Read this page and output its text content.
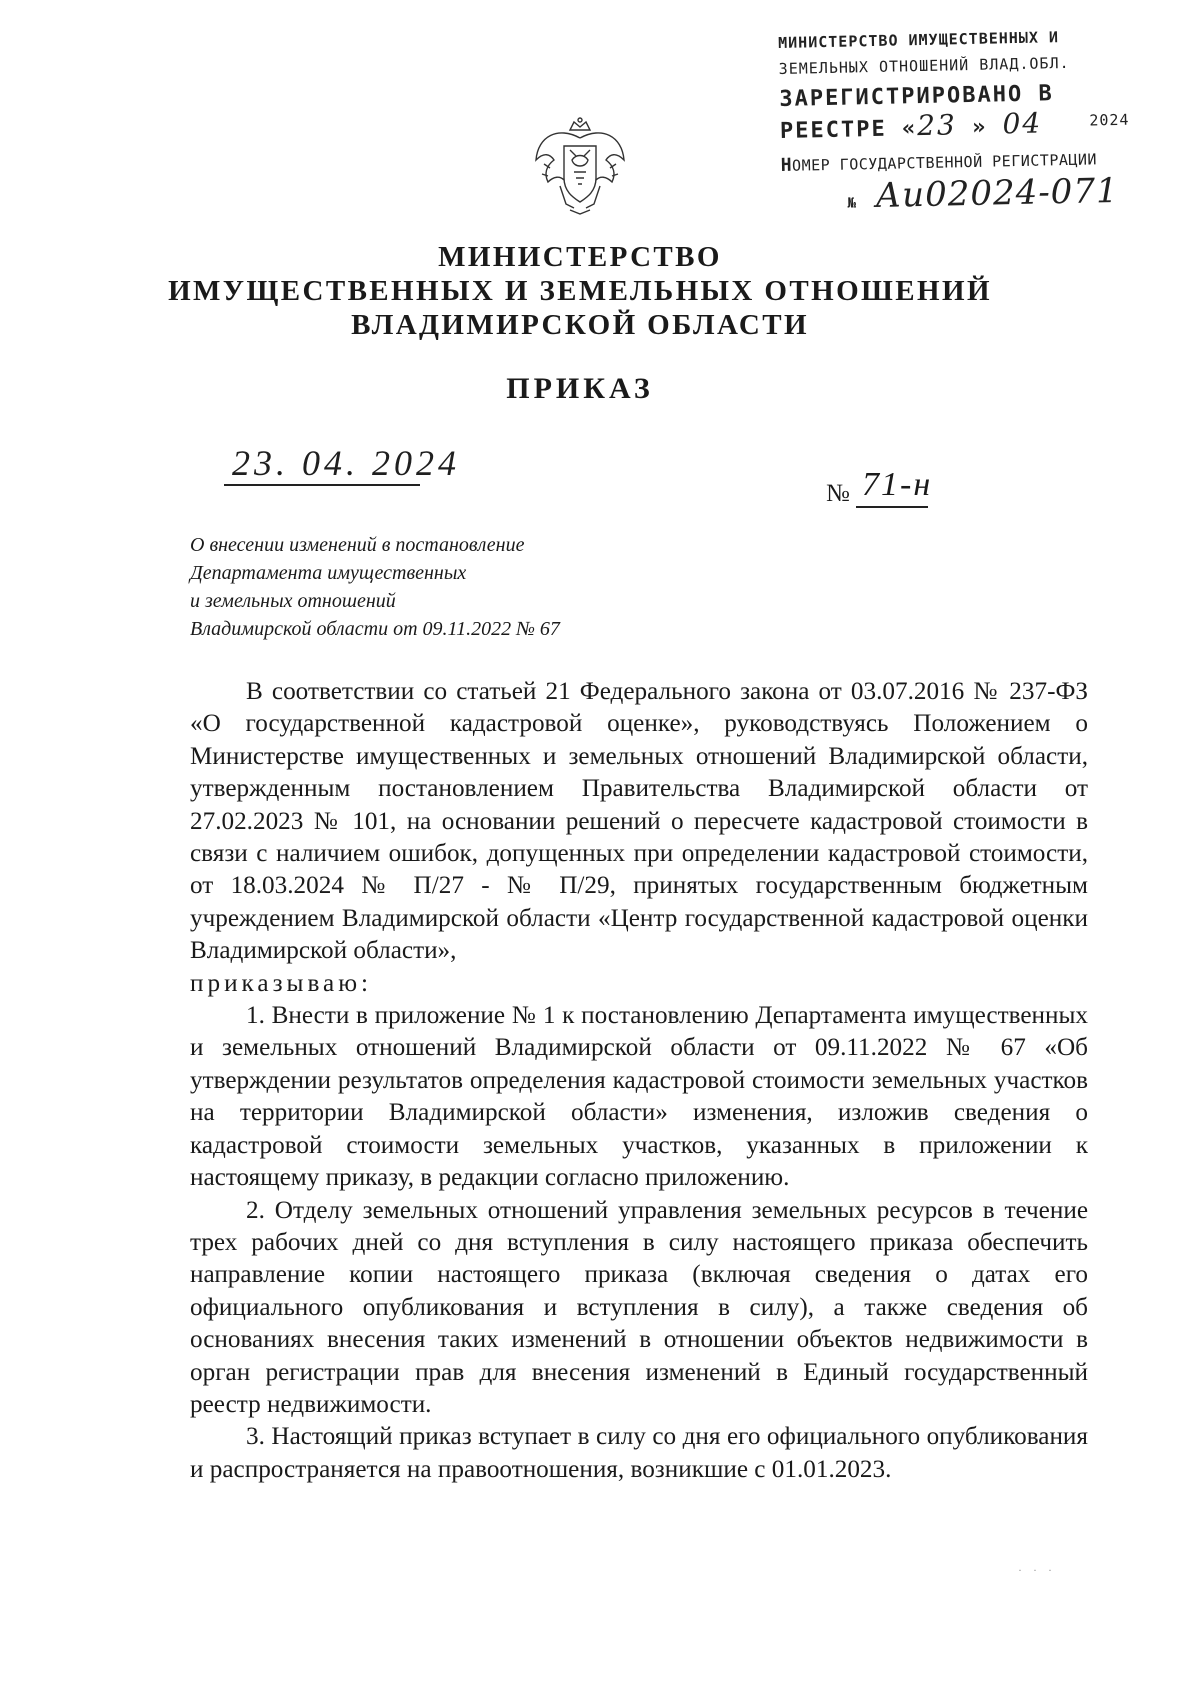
МИНИСТЕРСТВО ИМУЩЕСТВЕННЫХ И
ЗЕМЕЛЬНЫХ ОТНОШЕНИЙ ВЛАД.ОБЛ.
ЗАРЕГИСТРИРОВАНО В
РЕЕСТРЕ «23 » 04	$^{2024}$
НОМЕР ГОСУДАРСТВЕННОЙ РЕГИСТРАЦИИ
№ Аи02024-071

МИНИСТЕРСТВО

ИМУЩЕСТВЕННЫХ И ЗЕМЕЛЬНЫХ ОТНОШЕНИЙ

ВЛАДИМИРСКОЙ ОБЛАСТИ

ПРИКАЗ

23. 04. 2024
№ 71-н
О внесении изменений в постановление
Департамента имущественных
и земельных отношений
Владимирской области от 09.11.2022 № 67

В соответствии со статьей 21 Федерального закона от 03.07.2016 № 237-ФЗ «О государственной кадастровой оценке», руководствуясь Положением о Министерстве имущественных и земельных отношений Владимирской области, утвержденным постановлением Правительства Владимирской области от 27.02.2023 № 101, на основании решений о пересчете кадастровой стоимости в связи с наличием ошибок, допущенных при определении кадастровой стоимости, от 18.03.2024 № П/27 - № П/29, принятых государственным бюджетным учреждением Владимирской области «Центр государственной кадастровой оценки Владимирской области»,

приказываю:

1. Внести в приложение № 1 к постановлению Департамента имущественных и земельных отношений Владимирской области от 09.11.2022 № 67 «Об утверждении результатов определения кадастровой стоимости земельных участков на территории Владимирской области» изменения, изложив сведения о кадастровой стоимости земельных участков, указанных в приложении к настоящему приказу, в редакции согласно приложению.

2. Отделу земельных отношений управления земельных ресурсов в течение трех рабочих дней со дня вступления в силу настоящего приказа обеспечить направление копии настоящего приказа (включая сведения о датах его официального опубликования и вступления в силу), а также сведения об основаниях внесения таких изменений в отношении объектов недвижимости в орган регистрации прав для внесения изменений в Единый государственный реестр недвижимости.

3. Настоящий приказ вступает в силу со дня его официального опубликования и распространяется на правоотношения, возникшие с 01.01.2023.

· · ·
